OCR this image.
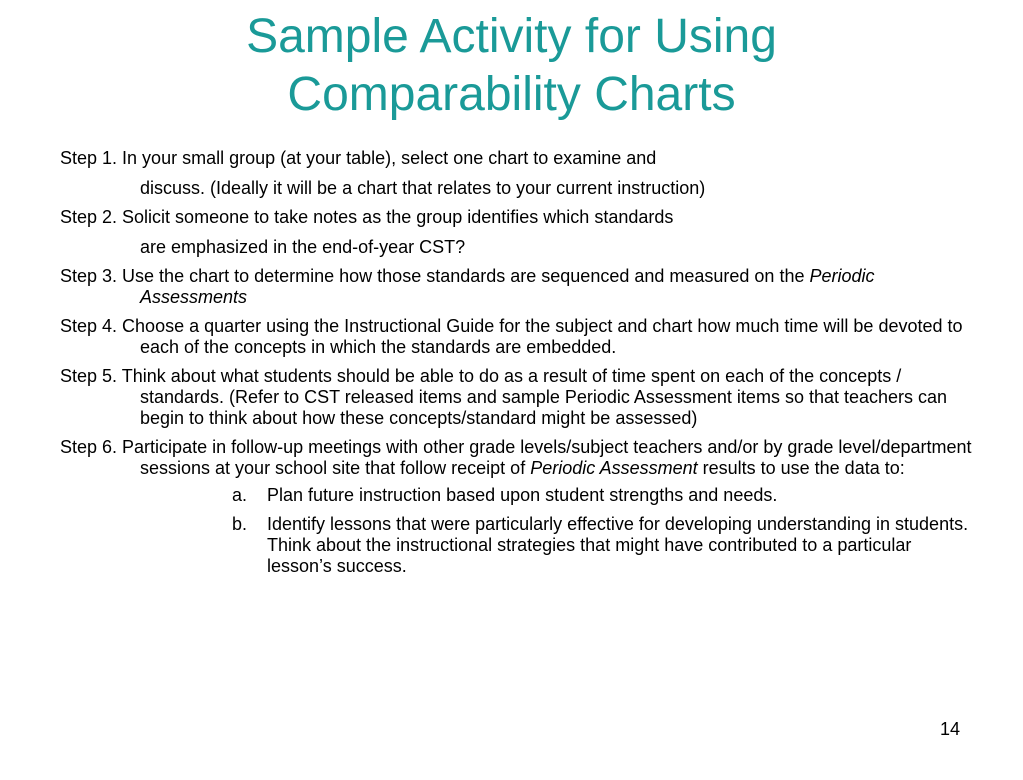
Sample Activity for Using
Comparability Charts
Step 1. In your small group (at your table), select one chart to examine and
discuss. (Ideally it will be a chart that relates to your current instruction)
Step 2. Solicit someone to take notes as the group identifies which standards
are emphasized in the end-of-year CST?
Step 3. Use the chart to determine how those standards are sequenced and measured on the Periodic Assessments
Step 4. Choose a quarter using the Instructional Guide for the subject and chart how much time will be devoted to each of the concepts in which the standards are embedded.
Step 5. Think about what students should be able to do as a result of time spent on each of the concepts / standards. (Refer to CST released items and sample Periodic Assessment items so that teachers can begin to think about how these concepts/standard might be assessed)
Step 6. Participate in follow-up meetings with other grade levels/subject teachers and/or by grade level/department sessions at your school site that follow receipt of Periodic Assessment results to use the data to:
a. Plan future instruction based upon student strengths and needs.
b. Identify lessons that were particularly effective for developing understanding in students. Think about the instructional strategies that might have contributed to a particular lesson’s success.
14
